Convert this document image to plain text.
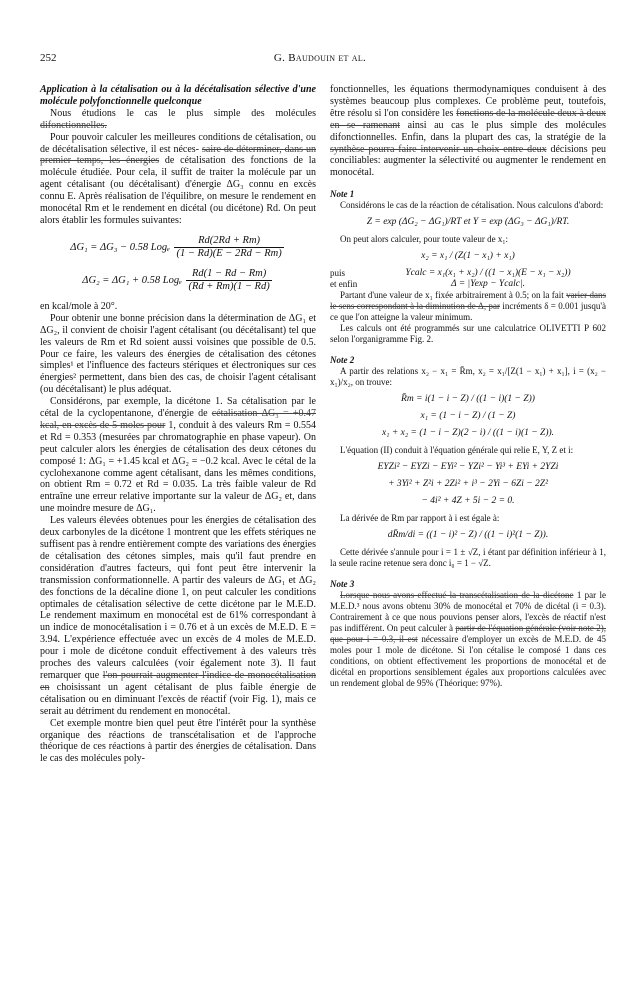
252	G. Baudouin et al.

Application à la cétalisation ou à la décétalisation sélective d'une molécule polyfonctionnelle quelconque

Nous étudions le cas le plus simple des molécules difonctionnelles.

Pour pouvoir calculer les meilleures conditions de cétalisation, ou de décétalisation sélective, il est néces- saire de déterminer, dans un premier temps, les énergies de cétalisation des fonctions de la molécule étudiée. Pour cela, il suffit de traiter la molécule par un agent cétalisant (ou décétalisant) d'énergie ΔG₃ connu en excès connu E. Après réalisation de l'équilibre, on mesure le rendement en monocétal Rm et le rendement en dicétal (ou dicétone) Rd. On peut alors établir les formules suivantes:

ΔG₁ = ΔG₃ − 0.58 Logₑ $\frac{Rd(2Rd + Rm)}{(1 - Rd)(E - 2Rd - Rm)}$
ΔG₂ = ΔG₁ + 0.58 Logₑ $\frac{Rd(1 - Rd - Rm)}{(Rd + Rm)(1 - Rd)}$

en kcal/mole à 20°.

Pour obtenir une bonne précision dans la détermination de ΔG₁ et ΔG₂, il convient de choisir l'agent cétalisant (ou décétalisant) tel que les valeurs de Rm et Rd soient aussi voisines que possible de 0.5. Pour ce faire, les valeurs des énergies de cétalisation des cétones simples¹ et l'influence des facteurs stériques et électroniques sur ces énergies² permettent, dans bien des cas, de choisir l'agent cétalisant (ou décétalisant) le plus adéquat.

Considérons, par exemple, la dicétone 1. Sa cétalisation par le cétal de la cyclopentanone, d'énergie de cétalisation ΔG₃ = +0.47 kcal, en excès de 5 moles pour 1, conduit à des valeurs Rm = 0.554 et Rd = 0.353 (mesurées par chromatographie en phase vapeur). On peut calculer alors les énergies de cétalisation des deux cétones du composé 1: ΔG₁ = +1.45 kcal et ΔG₂ = −0.2 kcal. Avec le cétal de la cyclohexanone comme agent cétalisant, dans les mêmes conditions, on obtient Rm = 0.72 et Rd = 0.035. La très faible valeur de Rd entraîne une erreur relative importante sur la valeur de ΔG₂ et, dans une moindre mesure de ΔG₁.

Les valeurs élevées obtenues pour les énergies de cétalisation des deux carbonyles de la dicétone 1 montrent que les effets stériques ne suffisent pas à rendre entièrement compte des variations des énergies de cétalisation des cétones simples, mais qu'il faut prendre en considération d'autres facteurs, qui font peut être intervenir la transmission conformationnelle. A partir des valeurs de ΔG₁ et ΔG₂ des fonctions de la décaline dione 1, on peut calculer les conditions optimales de cétalisation sélective de cette dicétone par le M.E.D. Le rendement maximum en monocétal est de 61% correspondant à un indice de monocétalisation i = 0.76 et à un excès de M.E.D. E = 3.94. L'expérience effectuée avec un excès de 4 moles de M.E.D. pour i mole de dicétone conduit effectivement à des valeurs très proches des valeurs calculées (voir également note 3). Il faut remarquer que l'on pourrait augmenter l'indice de monocétalisation en choisissant un agent cétalisant de plus faible énergie de cétalisation ou en diminuant l'excès de réactif (voir Fig. 1), mais ce serait au détriment du rendement en monocétal.

Cet exemple montre bien quel peut être l'intérêt pour la synthèse organique des réactions de transcétalisation et de l'approche théorique de ces réactions à partir des énergies de cétalisation. Dans le cas des molécules poly-

fonctionnelles, les équations thermodynamiques conduisent à des systèmes beaucoup plus complexes. Ce problème peut, toutefois, être résolu si l'on considère les fonctions de la molécule deux à deux en se ramenant ainsi au cas le plus simple des molécules difonctionnelles. Enfin, dans la plupart des cas, la stratégie de la synthèse pourra faire intervenir un choix entre deux décisions peu conciliables: augmenter la sélectivité ou augmenter le rendement en monocétal.

Note 1

Considérons le cas de la réaction de cétalisation. Nous calculons d'abord:

Z = exp (ΔG₂ − ΔG₁)/RT et Y = exp (ΔG₃ − ΔG₁)/RT.

On peut alors calculer, pour toute valeur de x₁:

x₂ = x₁ / (Z(1 − x₁) + x₁)
puis	Ycalc = x₁(x₁ + x₂) / ((1 − x₁)(E − x₁ − x₂))
et enfin	Δ = |Yexp − Ycalc|.

Partant d'une valeur de x₁ fixée arbitrairement à 0.5; on la fait varier dans le sens correspondant à la diminution de Δ, par incréments δ = 0.001 jusqu'à ce que l'on atteigne la valeur minimum.

Les calculs ont été programmés sur une calculatrice OLIVETTI P 602 selon l'organigramme Fig. 2.

Note 2

A partir des relations x₂ − x₁ = R̄m, x₂ = x₁/[Z(1 − x₁) + x₁], i = (x₂ − x₁)/x₂, on trouve:

R̄m = i(1 − i − Z) / ((1 − i)(1 − Z))
x₁ = (1 − i − Z) / (1 − Z)
x₁ + x₂ = (1 − i − Z)(2 − i) / ((1 − i)(1 − Z)).

L'équation (II) conduit à l'équation générale qui relie E, Y, Z et i:

EYZi² − EYZi − EYi² − YZi² − Yi³ + EYi + 2YZi
+ 3Yi² + Z²i + 2Zi² + i³ − 2Yi − 6Zi − 2Z²
− 4i² + 4Z + 5i − 2 = 0.

La dérivée de Rm par rapport à i est égale à:

dR̄m/di = ((1 − i)² − Z) / ((1 − i)²(1 − Z)).

Cette dérivée s'annule pour i = 1 ± √Z, i étant par définition inférieur à 1, la seule racine retenue sera donc i₀ = 1 − √Z.

Note 3

Lorsque nous avons effectué la transcétalisation de la dicétone 1 par le M.E.D.³ nous avons obtenu 30% de monocétal et 70% de dicétal (i = 0.3). Contrairement à ce que nous pouvions penser alors, l'excès de réactif n'est pas indifférent. On peut calculer à partir de l'équation générale (voir note 2), que pour i = 0.3, il est nécessaire d'employer un excès de M.E.D. de 45 moles pour 1 mole de dicétone. Si l'on cétalise le composé 1 dans ces conditions, on obtient effectivement les proportions de monocétal et de dicétal en proportions sensiblement égales aux proportions calculées avec un rendement global de 95% (Théorique: 97%).
